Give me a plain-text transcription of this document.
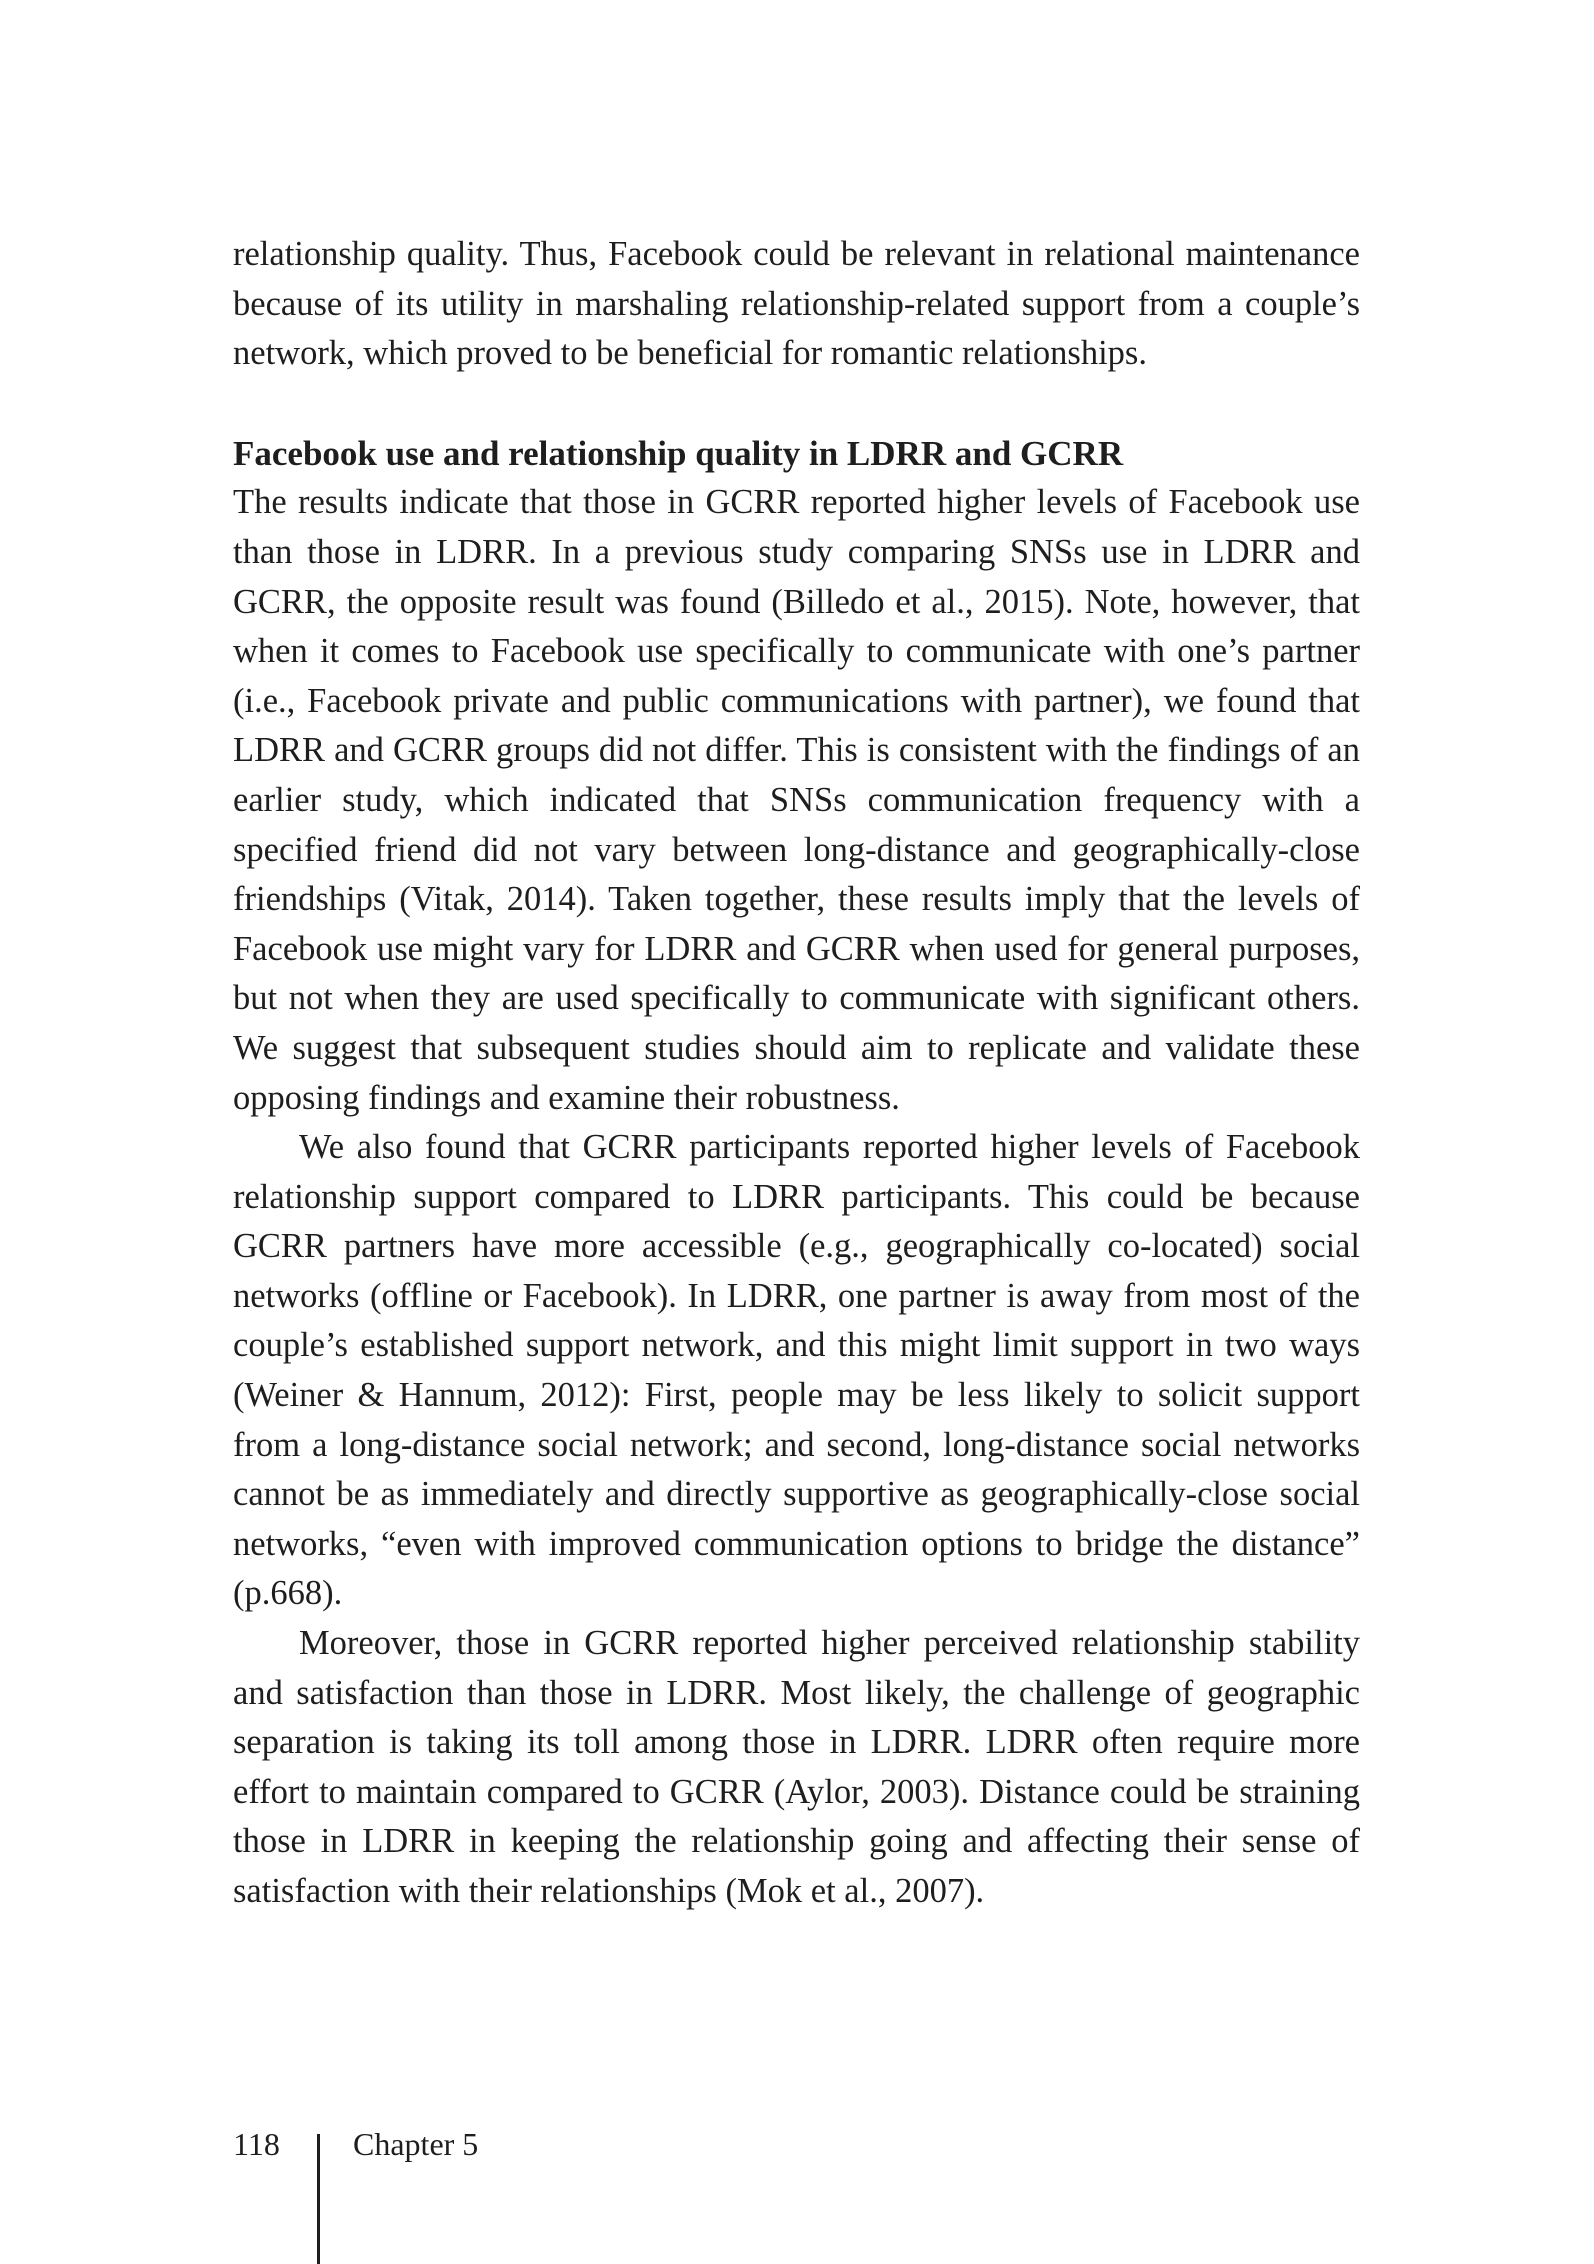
relationship quality. Thus, Facebook could be relevant in relational maintenance because of its utility in marshaling relationship-related support from a couple’s network, which proved to be beneficial for romantic relationships.

Facebook use and relationship quality in LDRR and GCRR

The results indicate that those in GCRR reported higher levels of Facebook use than those in LDRR. In a previous study comparing SNSs use in LDRR and GCRR, the opposite result was found (Billedo et al., 2015). Note, however, that when it comes to Facebook use specifically to communicate with one’s partner (i.e., Facebook private and public communications with partner), we found that LDRR and GCRR groups did not differ. This is consistent with the findings of an earlier study, which indicated that SNSs communication frequency with a specified friend did not vary between long-distance and geographically-close friendships (Vitak, 2014). Taken together, these results imply that the levels of Facebook use might vary for LDRR and GCRR when used for general purposes, but not when they are used specifically to communicate with significant others. We suggest that subsequent studies should aim to replicate and validate these opposing findings and examine their robustness.

We also found that GCRR participants reported higher levels of Facebook relationship support compared to LDRR participants. This could be because GCRR partners have more accessible (e.g., geographically co-located) social networks (offline or Facebook). In LDRR, one partner is away from most of the couple’s established support network, and this might limit support in two ways (Weiner & Hannum, 2012): First, people may be less likely to solicit support from a long-distance social network; and second, long-distance social networks cannot be as immediately and directly supportive as geographically-close social networks, “even with improved communication options to bridge the distance” (p.668).

Moreover, those in GCRR reported higher perceived relationship stability and satisfaction than those in LDRR. Most likely, the challenge of geographic separation is taking its toll among those in LDRR. LDRR often require more effort to maintain compared to GCRR (Aylor, 2003). Distance could be straining those in LDRR in keeping the relationship going and affecting their sense of satisfaction with their relationships (Mok et al., 2007).

118 Chapter 5
